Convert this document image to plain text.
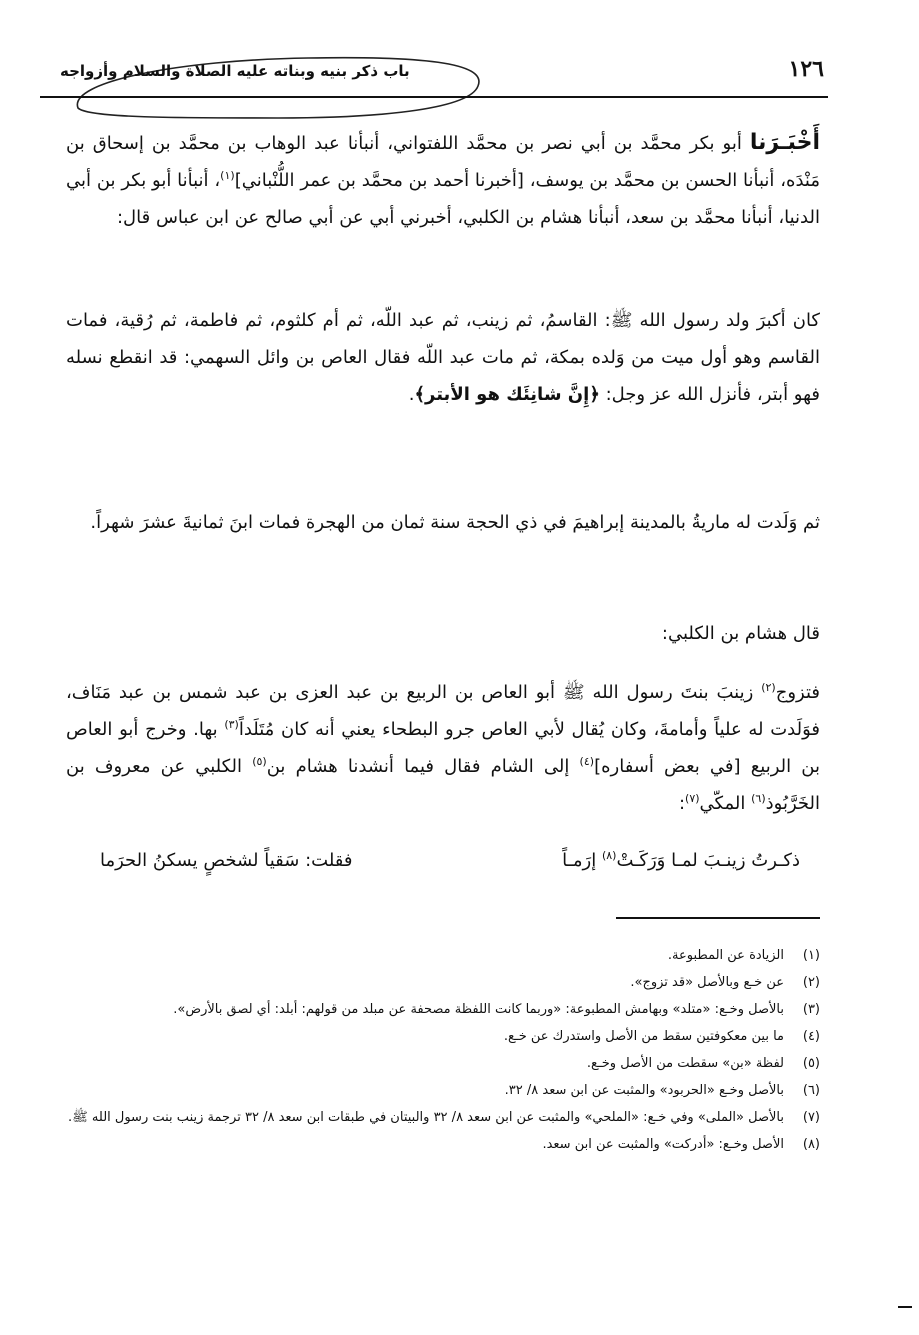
باب ذكر بنيه وبناته عليه الصلاة والسلام وأزواجه	١٢٦
أَخْبَـرَنا أبو بكر محمَّد بن أبي نصر بن محمَّد اللفتواني، أنبأنا عبد الوهاب بن محمَّد بن إسحاق بن مَنْدَه، أنبأنا الحسن بن محمَّد بن يوسف، [أخبرنا أحمد بن محمَّد بن عمر اللُّنْباني]$^{(١)}$، أنبأنا أبو بكر بن أبي الدنيا، أنبأنا محمَّد بن سعد، أنبأنا هشام بن الكلبي، أخبرني أبي عن أبي صالح عن ابن عباس قال:
كان أكبرَ ولد رسول الله ﷺ: القاسمُ، ثم زينب، ثم عبد اللّه، ثم أم كلثوم، ثم فاطمة، ثم رُقية، فمات القاسم وهو أول ميت من وَلده بمكة، ثم مات عبد اللّه فقال العاص بن وائل السهمي: قد انقطع نسله فهو أبتر، فأنزل الله عز وجل: ﴿إِنَّ شانِئَك هو الأبتر﴾.
ثم وَلَدت له ماريةُ بالمدينة إبراهيمَ في ذي الحجة سنة ثمان من الهجرة فمات ابنَ ثمانيةَ عشرَ شهراً.
قال هشام بن الكلبي:
فتزوج$^{(٢)}$ زينبَ بنتَ رسول الله ﷺ أبو العاص بن الربيع بن عبد العزى بن عبد شمس بن عبد مَنَاف، فوَلَدت له علياً وأمامةَ، وكان يُقال لأبي العاص جرو البطحاء يعني أنه كان مُتَلَداً$^{(٣)}$ بها. وخرج أبو العاص بن الربيع [في بعض أسفاره]$^{(٤)}$ إلى الشام فقال فيما أنشدنا هشام بن$^{(٥)}$ الكلبي عن معروف بن الخَرَّبُوذ$^{(٦)}$ المكّي$^{(٧)}$:
ذكـرتُ زينـبَ لمـا وَرَكَـتْ$^{(٨)}$ إرَمـاً
فقلت: سَقياً لشخصٍ يسكنُ الحرَما
(١)
الزيادة عن المطبوعة.
(٢)
عن خـع وبالأصل «قد تزوج».
(٣)
بالأصل وخـع: «متلد» وبهامش المطبوعة: «وربما كانت اللفظة مصحفة عن مبلد من قولهم: أبلد: أي لصق بالأرض».
(٤)
ما بين معكوفتين سقط من الأصل واستدرك عن خـع.
(٥)
لفظة «بن» سقطت من الأصل وخـع.
(٦)
بالأصل وخـع «الحربود» والمثبت عن ابن سعد ٨/ ٣٢.
(٧)
بالأصل «الملى» وفي خـع: «الملحي» والمثبت عن ابن سعد ٨/ ٣٢ والبيتان في طبقات ابن سعد ٨/ ٣٢ ترجمة زينب بنت رسول الله ﷺ.
(٨)
الأصل وخـع: «أدركت» والمثبت عن ابن سعد.
